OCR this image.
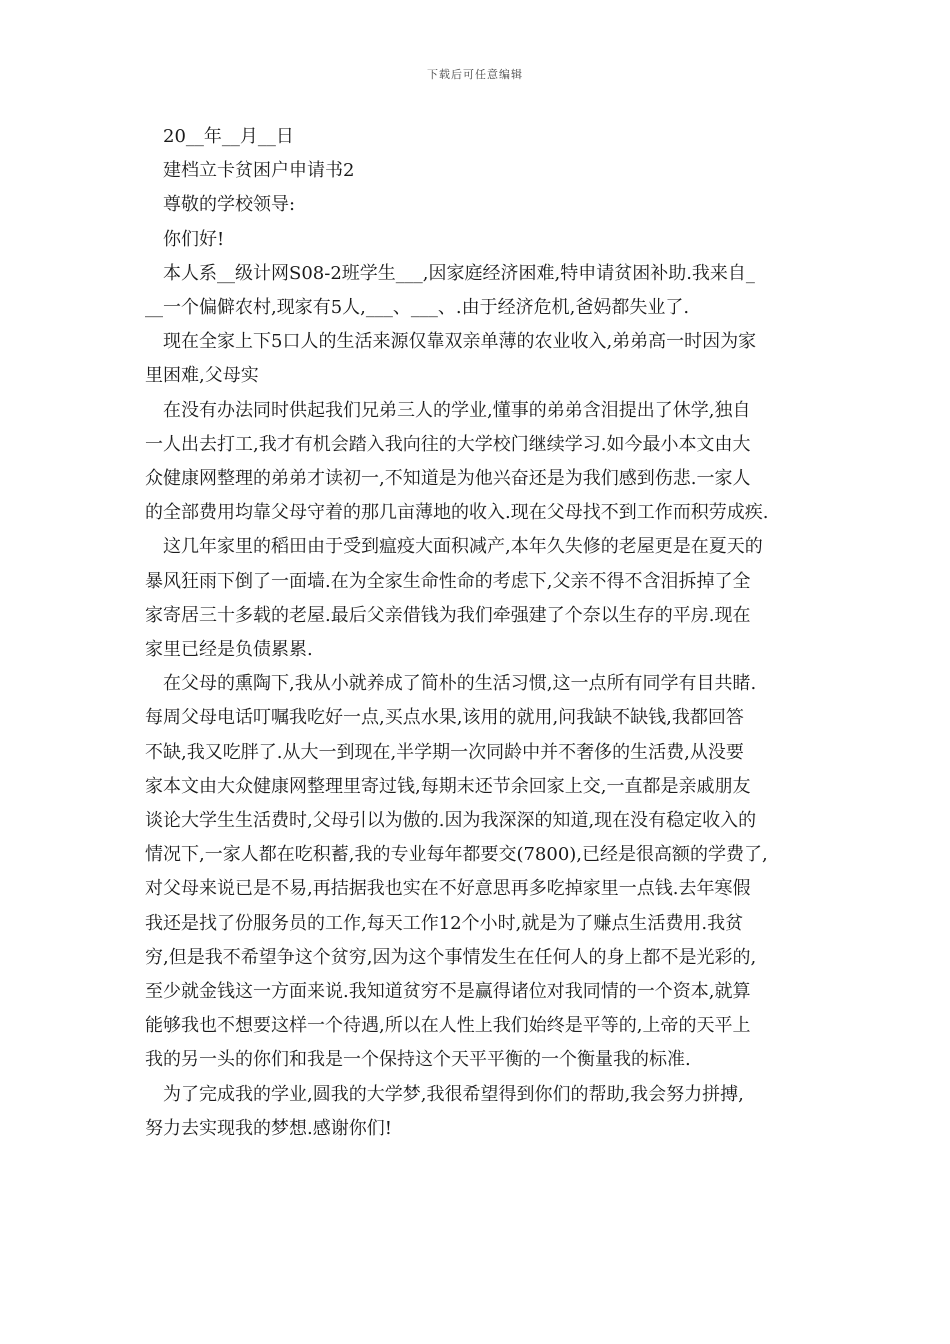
下载后可任意编辑
20__年__月__日
建档立卡贫困户申请书2
尊敬的学校领导:
你们好!
本人系__级计网S08-2班学生___,因家庭经济困难,特申请贫困补助.我来自_
__一个偏僻农村,现家有5人,___、___、.由于经济危机,爸妈都失业了.
现在全家上下5口人的生活来源仅靠双亲单薄的农业收入,弟弟高一时因为家
里困难,父母实
在没有办法同时供起我们兄弟三人的学业,懂事的弟弟含泪提出了休学,独自
一人出去打工,我才有机会踏入我向往的大学校门继续学习.如今最小本文由大
众健康网整理的弟弟才读初一,不知道是为他兴奋还是为我们感到伤悲.一家人
的全部费用均靠父母守着的那几亩薄地的收入.现在父母找不到工作而积劳成疾.
这几年家里的稻田由于受到瘟疫大面积减产,本年久失修的老屋更是在夏天的
暴风狂雨下倒了一面墙.在为全家生命性命的考虑下,父亲不得不含泪拆掉了全
家寄居三十多载的老屋.最后父亲借钱为我们牵强建了个奈以生存的平房.现在
家里已经是负债累累.
在父母的熏陶下,我从小就养成了简朴的生活习惯,这一点所有同学有目共睹.
每周父母电话叮嘱我吃好一点,买点水果,该用的就用,问我缺不缺钱,我都回答
不缺,我又吃胖了.从大一到现在,半学期一次同龄中并不奢侈的生活费,从没要
家本文由大众健康网整理里寄过钱,每期末还节余回家上交,一直都是亲戚朋友
谈论大学生生活费时,父母引以为傲的.因为我深深的知道,现在没有稳定收入的
情况下,一家人都在吃积蓄,我的专业每年都要交(7800),已经是很高额的学费了,
对父母来说已是不易,再拮据我也实在不好意思再多吃掉家里一点钱.去年寒假
我还是找了份服务员的工作,每天工作12个小时,就是为了赚点生活费用.我贫
穷,但是我不希望争这个贫穷,因为这个事情发生在任何人的身上都不是光彩的,
至少就金钱这一方面来说.我知道贫穷不是赢得诸位对我同情的一个资本,就算
能够我也不想要这样一个待遇,所以在人性上我们始终是平等的,上帝的天平上
我的另一头的你们和我是一个保持这个天平平衡的一个衡量我的标准.
为了完成我的学业,圆我的大学梦,我很希望得到你们的帮助,我会努力拼搏,
努力去实现我的梦想.感谢你们!
